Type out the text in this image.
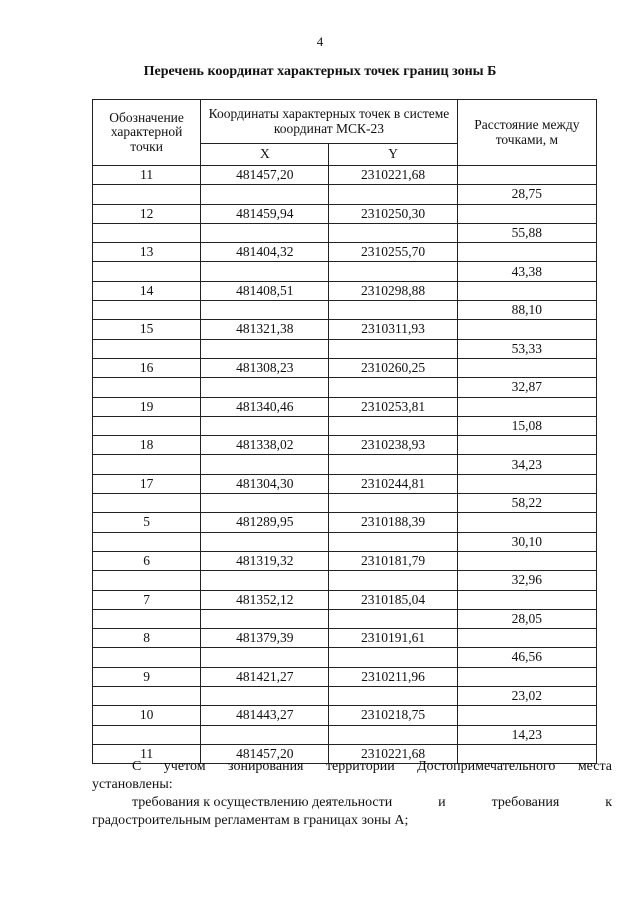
4
Перечень координат характерных точек границ зоны Б
Обозначение характерной точки	Координаты характерных точек в системе координат МСК-23		Расстояние между точками, м
	X	Y	
11	481457,20	2310221,68	
			28,75
12	481459,94	2310250,30	
			55,88
13	481404,32	2310255,70	
			43,38
14	481408,51	2310298,88	
			88,10
15	481321,38	2310311,93	
			53,33
16	481308,23	2310260,25	
			32,87
19	481340,46	2310253,81	
			15,08
18	481338,02	2310238,93	
			34,23
17	481304,30	2310244,81	
			58,22
5	481289,95	2310188,39	
			30,10
6	481319,32	2310181,79	
			32,96
7	481352,12	2310185,04	
			28,05
8	481379,39	2310191,61	
			46,56
9	481421,27	2310211,96	
			23,02
10	481443,27	2310218,75	
			14,23
11	481457,20	2310221,68	
С учетом зонирования территории Достопримечательного места
установлены:
требования к осуществлению деятельности	и	требования	к
градостроительным регламентам в границах зоны А;
